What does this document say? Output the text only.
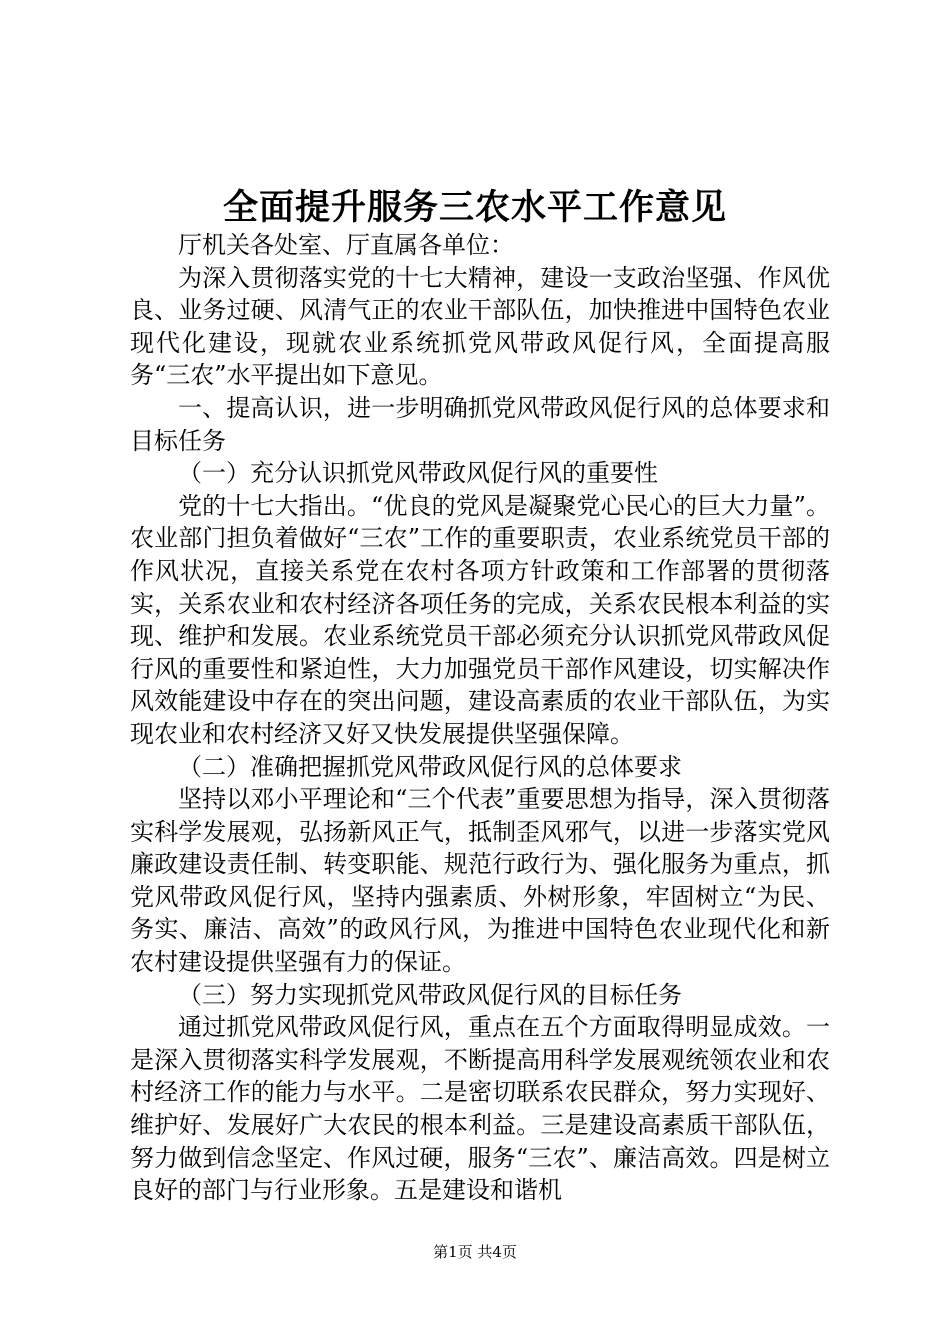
全面提升服务三农水平工作意见

厅机关各处室、厅直属各单位：

为深入贯彻落实党的十七大精神，建设一支政治坚强、作风优良、业务过硬、风清气正的农业干部队伍，加快推进中国特色农业现代化建设，现就农业系统抓党风带政风促行风，全面提高服务“三农”水平提出如下意见。

一、提高认识，进一步明确抓党风带政风促行风的总体要求和目标任务

（一）充分认识抓党风带政风促行风的重要性

党的十七大指出。“优良的党风是凝聚党心民心的巨大力量”。农业部门担负着做好“三农”工作的重要职责，农业系统党员干部的作风状况，直接关系党在农村各项方针政策和工作部署的贯彻落实，关系农业和农村经济各项任务的完成，关系农民根本利益的实现、维护和发展。农业系统党员干部必须充分认识抓党风带政风促行风的重要性和紧迫性，大力加强党员干部作风建设，切实解决作风效能建设中存在的突出问题，建设高素质的农业干部队伍，为实现农业和农村经济又好又快发展提供坚强保障。

（二）准确把握抓党风带政风促行风的总体要求

坚持以邓小平理论和“三个代表”重要思想为指导，深入贯彻落实科学发展观，弘扬新风正气，抵制歪风邪气，以进一步落实党风廉政建设责任制、转变职能、规范行政行为、强化服务为重点，抓党风带政风促行风，坚持内强素质、外树形象，牢固树立“为民、务实、廉洁、高效”的政风行风，为推进中国特色农业现代化和新农村建设提供坚强有力的保证。

（三）努力实现抓党风带政风促行风的目标任务

通过抓党风带政风促行风，重点在五个方面取得明显成效。一是深入贯彻落实科学发展观，不断提高用科学发展观统领农业和农村经济工作的能力与水平。二是密切联系农民群众，努力实现好、维护好、发展好广大农民的根本利益。三是建设高素质干部队伍，努力做到信念坚定、作风过硬，服务“三农”、廉洁高效。四是树立良好的部门与行业形象。五是建设和谐机

第1页 共4页
